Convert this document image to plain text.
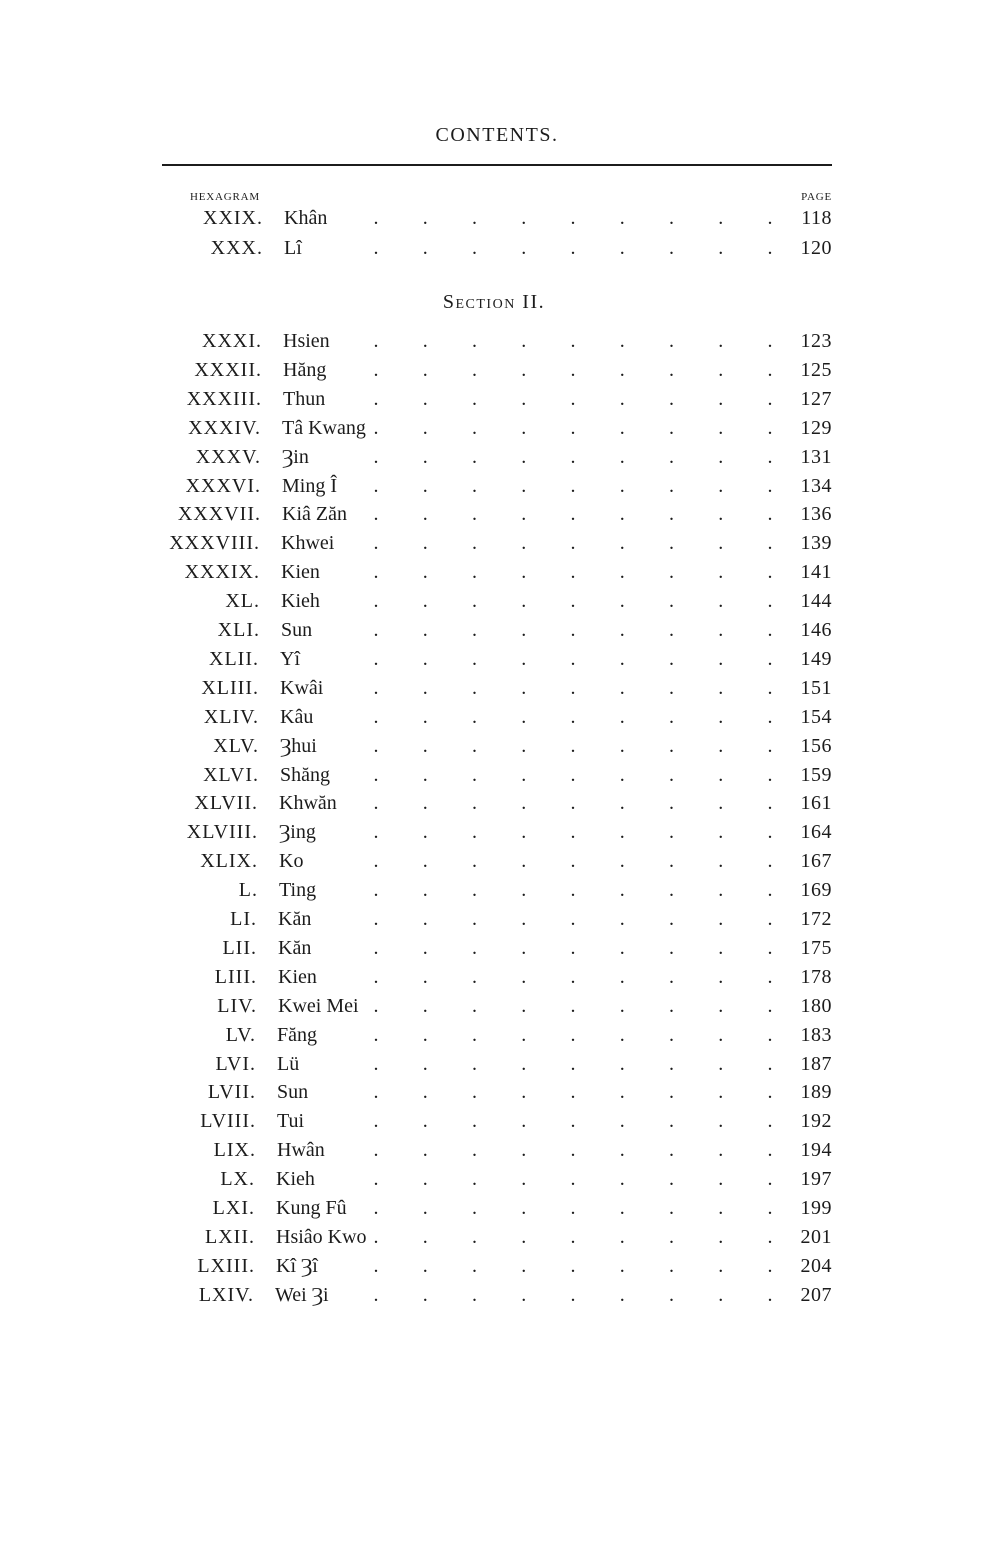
CONTENTS.
HEXAGRAM	PAGE
XXIX. Khân . . . . . . . . .	118
XXX. Lî	. . . . . . . . .	120
Section II.
XXXI. Hsien . . . . . . . . .	123
XXXII. Hăng . . . . . . . . .	125
XXXIII. Thun . . . . . . . . .	127
XXXIV. Tâ Kwang . . . . . . . . .	129
XXXV. Ȝin	. . . . . . . . .	131
XXXVI. Ming Î . . . . . . . . .	134
XXXVII. Kiâ Zăn . . . . . . . . .	136
XXXVIII. Khwei . . . . . . . . .	139
XXXIX. Kien	. . . . . . . . .	141
XL. Kieh	. . . . . . . . .	144
XLI. Sun	. . . . . . . . .	146
XLII. Yî	. . . . . . . . .	149
XLIII. Kwâi	. . . . . . . . .	151
XLIV. Kâu	. . . . . . . . .	154
XLV. Ȝhui	. . . . . . . . .	156
XLVI. Shăng . . . . . . . . .	159
XLVII. Khwăn . . . . . . . . .	161
XLVIII. Ȝing	. . . . . . . . .	164
XLIX. Ko	. . . . . . . . .	167
L. Ting	. . . . . . . . .	169
LI. Kăn	. . . . . . . . .	172
LII. Kăn	. . . . . . . . .	175
LIII. Kien	. . . . . . . . .	178
LIV. Kwei Mei . . . . . . . . .	180
LV. Făng	. . . . . . . . .	183
LVI. Lü	. . . . . . . . .	187
LVII. Sun	. . . . . . . . .	189
LVIII. Tui	. . . . . . . . .	192
LIX. Hwân . . . . . . . . .	194
LX. Kieh	. . . . . . . . .	197
LXI. Kung Fû . . . . . . . . .	199
LXII. Hsiâo Kwo . . . . . . . . .	201
LXIII. Kî Ȝî	. . . . . . . . .	204
LXIV. Wei Ȝi . . . . . . . . .	207
